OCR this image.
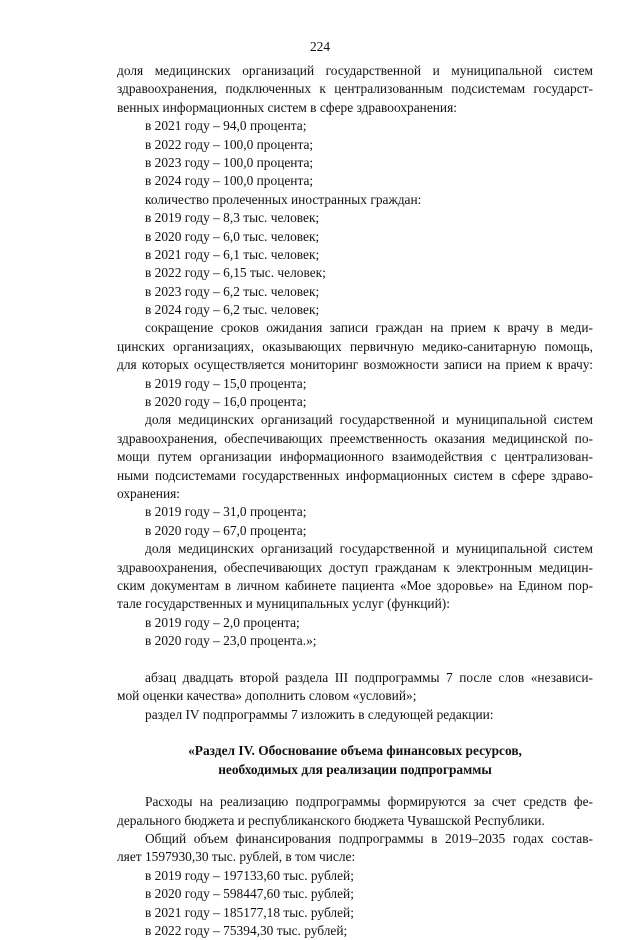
224
доля медицинских организаций государственной и муниципальной систем
здравоохранения, подключенных к централизованным подсистемам государст-
венных информационных систем в сфере здравоохранения:
в 2021 году – 94,0 процента;
в 2022 году – 100,0 процента;
в 2023 году – 100,0 процента;
в 2024 году – 100,0 процента;
количество пролеченных иностранных граждан:
в 2019 году – 8,3 тыс. человек;
в 2020 году – 6,0 тыс. человек;
в 2021 году – 6,1 тыс. человек;
в 2022 году – 6,15 тыс. человек;
в 2023 году – 6,2 тыс. человек;
в 2024 году – 6,2 тыс. человек;
сокращение сроков ожидания записи граждан на прием к врачу в меди-
цинских организациях, оказывающих первичную медико-санитарную помощь,
для которых осуществляется мониторинг возможности записи на прием к врачу:
в 2019 году – 15,0 процента;
в 2020 году – 16,0 процента;
доля медицинских организаций государственной и муниципальной систем
здравоохранения, обеспечивающих преемственность оказания медицинской по-
мощи путем организации информационного взаимодействия с централизован-
ными подсистемами государственных информационных систем в сфере здраво-
охранения:
в 2019 году – 31,0 процента;
в 2020 году – 67,0 процента;
доля медицинских организаций государственной и муниципальной систем
здравоохранения, обеспечивающих доступ гражданам к электронным медицин-
ским документам в личном кабинете пациента «Мое здоровье» на Едином пор-
тале государственных и муниципальных услуг (функций):
в 2019 году – 2,0 процента;
в 2020 году – 23,0 процента.»;
абзац двадцать второй раздела III подпрограммы 7 после слов «независи-
мой оценки качества» дополнить словом «условий»;
раздел IV подпрограммы 7 изложить в следующей редакции:
«Раздел IV. Обоснование объема финансовых ресурсов,
необходимых для реализации подпрограммы
Расходы на реализацию подпрограммы формируются за счет средств фе-
дерального бюджета и республиканского бюджета Чувашской Республики.
Общий объем финансирования подпрограммы в 2019–2035 годах состав-
ляет 1597930,30 тыс. рублей, в том числе:
в 2019 году – 197133,60 тыс. рублей;
в 2020 году – 598447,60 тыс. рублей;
в 2021 году – 185177,18 тыс. рублей;
в 2022 году – 75394,30 тыс. рублей;
